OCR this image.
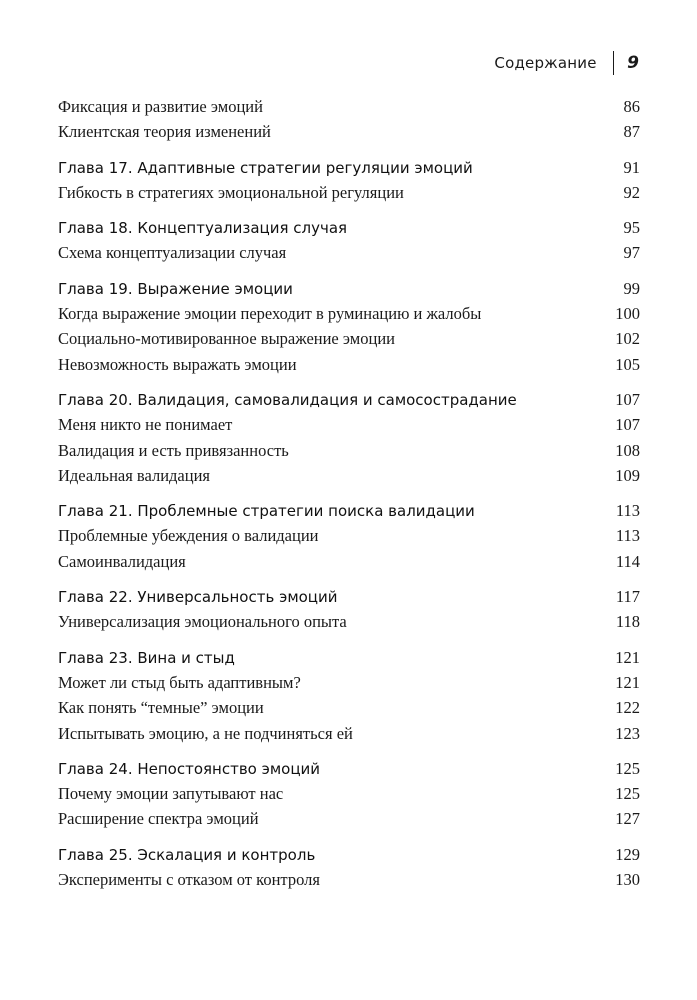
Содержание 9
Фиксация и развитие эмоций	86
Клиентская теория изменений	87
Глава 17. Адаптивные стратегии регуляции эмоций	91
Гибкость в стратегиях эмоциональной регуляции	92
Глава 18. Концептуализация случая	95
Схема концептуализации случая	97
Глава 19. Выражение эмоции	99
Когда выражение эмоции переходит в руминацию и жалобы	100
Социально-мотивированное выражение эмоции	102
Невозможность выражать эмоции	105
Глава 20. Валидация, самовалидация и самосострадание	107
Меня никто не понимает	107
Валидация и есть привязанность	108
Идеальная валидация	109
Глава 21. Проблемные стратегии поиска валидации	113
Проблемные убеждения о валидации	113
Самоинвалидация	114
Глава 22. Универсальность эмоций	117
Универсализация эмоционального опыта	118
Глава 23. Вина и стыд	121
Может ли стыд быть адаптивным?	121
Как понять “темные” эмоции	122
Испытывать эмоцию, а не подчиняться ей	123
Глава 24. Непостоянство эмоций	125
Почему эмоции запутывают нас	125
Расширение спектра эмоций	127
Глава 25. Эскалация и контроль	129
Эксперименты с отказом от контроля	130
